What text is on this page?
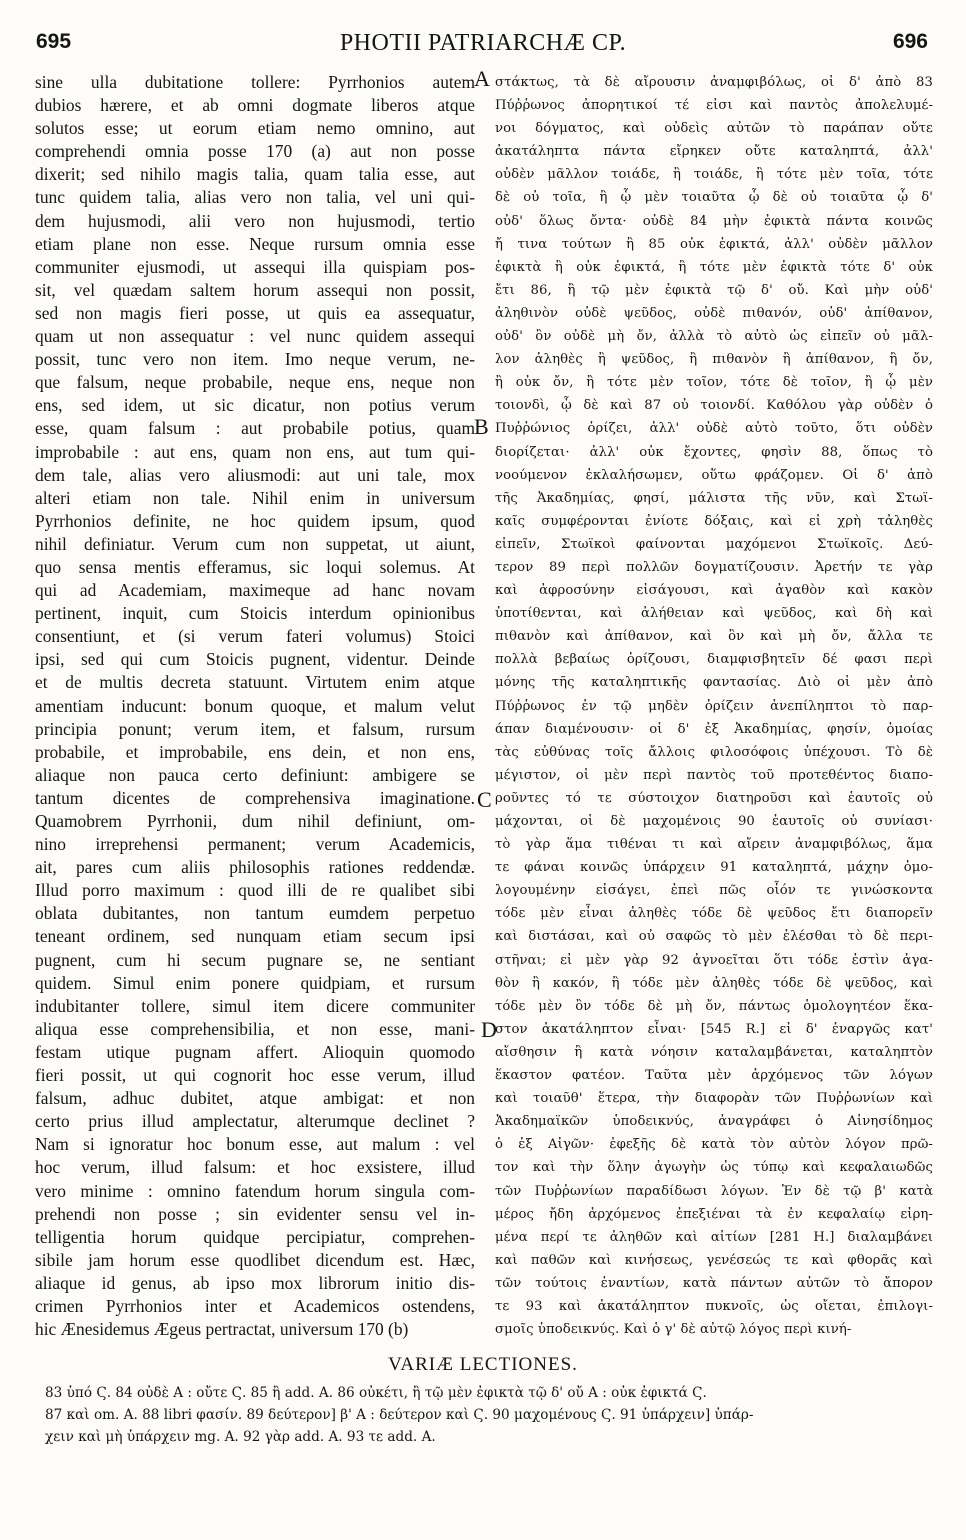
695	PHOTII PATRIARCHÆ CP.	696
sine ulla dubitatione tollere: Pyrrhonios autem
dubios hærere, et ab omni dogmate liberos atque
solutos esse; ut eorum etiam nemo omnino, aut
comprehendi omnia posse 170 (a) aut non posse
dixerit; sed nihilo magis talia, quam talia esse, aut
tunc quidem talia, alias vero non talia, vel uni qui-
dem hujusmodi, alii vero non hujusmodi, tertio
etiam plane non esse. Neque rursum omnia esse
communiter ejusmodi, ut assequi illa quispiam pos-
sit, vel quædam saltem horum assequi non possit,
sed non magis fieri posse, ut quis ea assequatur,
quam ut non assequatur : vel nunc quidem assequi
possit, tunc vero non item. Imo neque verum, ne-
que falsum, neque probabile, neque ens, neque non
ens, sed idem, ut sic dicatur, non potius verum
esse, quam falsum : aut probabile potius, quam
improbabile : aut ens, quam non ens, aut tum qui-
dem tale, alias vero aliusmodi: aut uni tale, mox
alteri etiam non tale. Nihil enim in universum
Pyrrhonios definite, ne hoc quidem ipsum, quod
nihil definiatur. Verum cum non suppetat, ut aiunt,
quo sensa mentis efferamus, sic loqui solemus. At
qui ad Academiam, maximeque ad hanc novam
pertinent, inquit, cum Stoicis interdum opinionibus
consentiunt, et (si verum fateri volumus) Stoici
ipsi, sed qui cum Stoicis pugnent, videntur. Deinde
et de multis decreta statuunt. Virtutem enim atque
amentiam inducunt: bonum quoque, et malum velut
principia ponunt; verum item, et falsum, rursum
probabile, et improbabile, ens dein, et non ens,
aliaque non pauca certo definiunt: ambigere se
tantum dicentes de comprehensiva imaginatione.
Quamobrem Pyrrhonii, dum nihil definiunt, om-
nino irreprehensi permanent; verum Academicis,
ait, pares cum aliis philosophis rationes reddendæ.
Illud porro maximum : quod illi de re qualibet sibi
oblata dubitantes, non tantum eumdem perpetuo
teneant ordinem, sed nunquam etiam secum ipsi
pugnent, cum hi secum pugnare se, ne sentiant
quidem. Simul enim ponere quidpiam, et rursum
indubitanter tollere, simul item dicere communiter
aliqua esse comprehensibilia, et non esse, mani-
festam utique pugnam affert. Alioquin quomodo
fieri possit, ut qui cognorit hoc esse verum, illud
falsum, adhuc dubitet, atque ambigat: et non
certo prius illud amplectatur, alterumque declinet ?
Nam si ignoratur hoc bonum esse, aut malum : vel
hoc verum, illud falsum: et hoc exsistere, illud
vero minime : omnino fatendum horum singula com-
prehendi non posse ; sin evidenter sensu vel in-
telligentia horum quidque percipiatur, comprehen-
sibile jam horum esse quodlibet dicendum est. Hæc,
aliaque id genus, ab ipso mox librorum initio dis-
crimen Pyrrhonios inter et Academicos ostendens,
hic Ænesidemus Ægeus pertractat, universum 170 (b)
στάκτως, τὰ δὲ αἴρουσιν ἀναμφιβόλως, οἱ δ' ἀπὸ 83
Πύῤῥωνος ἀπορητικοί τέ εἰσι καὶ παντὸς ἀπολελυμέ-
νοι δόγματος, καὶ οὐδεὶς αὐτῶν τὸ παράπαν οὔτε
ἀκατάληπτα πάντα εἴρηκεν οὔτε καταληπτά, ἀλλ'
οὐδὲν μᾶλλον τοιάδε, ἢ τοιάδε, ἢ τότε μὲν τοῖα, τότε
δὲ οὐ τοῖα, ἢ ᾧ μὲν τοιαῦτα ᾧ δὲ οὐ τοιαῦτα ᾧ δ'
οὐδ' ὅλως ὄντα· οὐδὲ 84 μὴν ἐφικτὰ πάντα κοινῶς
ἤ τινα τούτων ἢ 85 οὐκ ἐφικτά, ἀλλ' οὐδὲν μᾶλλον
ἐφικτὰ ἢ οὐκ ἐφικτά, ἢ τότε μὲν ἐφικτὰ τότε δ' οὐκ
ἔτι 86, ἢ τῷ μὲν ἐφικτὰ τῷ δ' οὔ. Καὶ μὴν οὐδ'
ἀληθινὸν οὐδὲ ψεῦδος, οὐδὲ πιθανόν, οὐδ' ἀπίθανον,
οὐδ' ὂν οὐδὲ μὴ ὄν, ἀλλὰ τὸ αὐτὸ ὡς εἰπεῖν οὐ μᾶλ-
λον ἀληθὲς ἢ ψεῦδος, ἢ πιθανὸν ἢ ἀπίθανον, ἢ ὄν,
ἢ οὐκ ὄν, ἢ τότε μὲν τοῖον, τότε δὲ τοῖον, ἢ ᾧ μὲν
τοιονδὶ, ᾧ δὲ καὶ 87 οὐ τοιονδί. Καθόλου γὰρ οὐδὲν ὁ
Πυῤῥώνιος ὁρίζει, ἀλλ' οὐδὲ αὐτὸ τοῦτο, ὅτι οὐδὲν
διορίζεται· ἀλλ' οὐκ ἔχοντες, φησὶν 88, ὅπως τὸ
νοούμενον ἐκλαλήσωμεν, οὕτω φράζομεν. Οἱ δ' ἀπὸ
τῆς Ἀκαδημίας, φησί, μάλιστα τῆς νῦν, καὶ Στωϊ-
καῖς συμφέρονται ἐνίοτε δόξαις, καὶ εἰ χρὴ τἀληθὲς
εἰπεῖν, Στωϊκοὶ φαίνονται μαχόμενοι Στωϊκοῖς. Δεύ-
τερον 89 περὶ πολλῶν δογματίζουσιν. Ἀρετήν τε γὰρ
καὶ ἀφροσύνην εἰσάγουσι, καὶ ἀγαθὸν καὶ κακὸν
ὑποτίθενται, καὶ ἀλήθειαν καὶ ψεῦδος, καὶ δὴ καὶ
πιθανὸν καὶ ἀπίθανον, καὶ ὂν καὶ μὴ ὄν, ἄλλα τε
πολλὰ βεβαίως ὁρίζουσι, διαμφισβητεῖν δέ φασι περὶ
μόνης τῆς καταληπτικῆς φαντασίας. Διὸ οἱ μὲν ἀπὸ
Πύῤῥωνος ἐν τῷ μηδὲν ὁρίζειν ἀνεπίληπτοι τὸ παρ-
άπαν διαμένουσιν· οἱ δ' ἐξ Ἀκαδημίας, φησίν, ὁμοίας
τὰς εὐθύνας τοῖς ἄλλοις φιλοσόφοις ὑπέχουσι. Τὸ δὲ
μέγιστον, οἱ μὲν περὶ παντὸς τοῦ προτεθέντος διαπο-
ροῦντες τό τε σύστοιχον διατηροῦσι καὶ ἑαυτοῖς οὐ
μάχονται, οἱ δὲ μαχομένοις 90 ἑαυτοῖς οὐ συνίασι·
τὸ γὰρ ἅμα τιθέναι τι καὶ αἴρειν ἀναμφιβόλως, ἅμα
τε φάναι κοινῶς ὑπάρχειν 91 καταληπτά, μάχην ὁμο-
λογουμένην εἰσάγει, ἐπεὶ πῶς οἷόν τε γινώσκοντα
τόδε μὲν εἶναι ἀληθὲς τόδε δὲ ψεῦδος ἔτι διαπορεῖν
καὶ διστάσαι, καὶ οὐ σαφῶς τὸ μὲν ἑλέσθαι τὸ δὲ περι-
στῆναι; εἰ μὲν γὰρ 92 ἀγνοεῖται ὅτι τόδε ἐστὶν ἀγα-
θὸν ἢ κακόν, ἢ τόδε μὲν ἀληθὲς τόδε δὲ ψεῦδος, καὶ
τόδε μὲν ὂν τόδε δὲ μὴ ὄν, πάντως ὁμολογητέον ἕκα-
στον ἀκατάληπτον εἶναι· [545 R.] εἰ δ' ἐναργῶς κατ'
αἴσθησιν ἢ κατὰ νόησιν καταλαμβάνεται, καταληπτὸν
ἕκαστον φατέον. Ταῦτα μὲν ἀρχόμενος τῶν λόγων
καὶ τοιαῦθ' ἕτερα, τὴν διαφορὰν τῶν Πυῤῥωνίων καὶ
Ἀκαδημαϊκῶν ὑποδεικνύς, ἀναγράφει ὁ Αἰνησίδημος
ὁ ἐξ Αἰγῶν· ἐφεξῆς δὲ κατὰ τὸν αὐτὸν λόγον πρῶ-
τον καὶ τὴν ὅλην ἀγωγὴν ὡς τύπῳ καὶ κεφαλαιωδῶς
τῶν Πυῤῥωνίων παραδίδωσι λόγων. Ἐν δὲ τῷ β' κατὰ
μέρος ἤδη ἀρχόμενος ἐπεξιέναι τὰ ἐν κεφαλαίῳ εἰρη-
μένα περί τε ἀληθῶν καὶ αἰτίων [281 H.] διαλαμβάνει
καὶ παθῶν καὶ κινήσεως, γενέσεώς τε καὶ φθορᾶς καὶ
τῶν τούτοις ἐναντίων, κατὰ πάντων αὐτῶν τὸ ἄπορον
τε 93 καὶ ἀκατάληπτον πυκνοῖς, ὡς οἴεται, ἐπιλογι-
σμοῖς ὑποδεικνύς. Καὶ ὁ γ' δὲ αὐτῷ λόγος περὶ κινή-
A
B
C
D
VARIÆ LECTIONES.
83 ὑπό Ϛ. 84 οὐδὲ A : οὔτε Ϛ. 85 ἢ add. A. 86 οὐκέτι, ἢ τῷ μὲν ἐφικτὰ τῷ δ' οὔ A : οὐκ ἐφικτά Ϛ.
87 καὶ om. A. 88 libri φασίν. 89 δεύτερον] β' A : δεύτερον καὶ Ϛ. 90 μαχομένους Ϛ. 91 ὑπάρχειν] ὑπάρ-
χειν καὶ μὴ ὑπάρχειν mg. A. 92 γὰρ add. A. 93 τε add. A.
